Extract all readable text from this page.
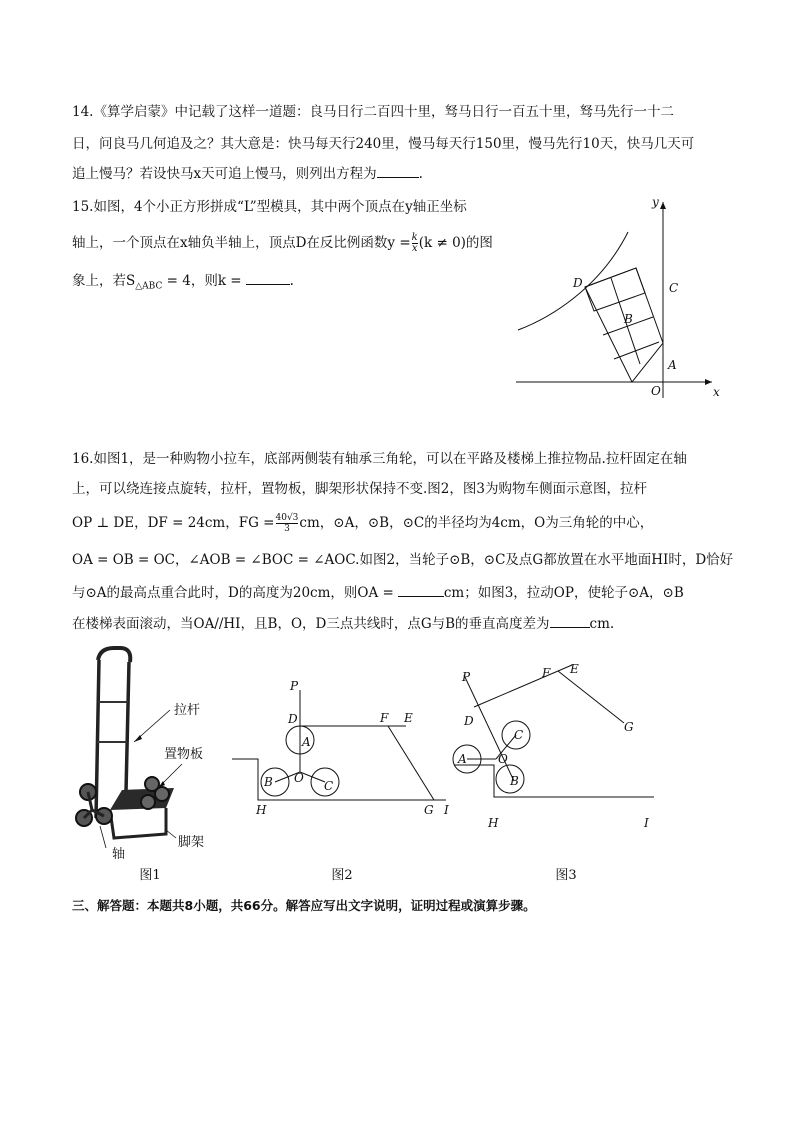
14.《算学启蒙》中记载了这样一道题：良马日行二百四十里，驽马日行一百五十里，驽马先行一十二
日，问良马几何追及之？其大意是：快马每天行240里，慢马每天行150里，慢马先行10天，快马几天可
追上慢马？若设快马x天可追上慢马，则列出方程为	.
15.如图，4个小正方形拼成“L”型模具，其中两个顶点在y轴正坐标
轴上，一个顶点在x轴负半轴上，顶点D在反比例函数$y = \frac{k}{x} (k \ne 0)$的图
象上，若$S_{\triangle ABC} = 4$，则k =	.
y
x
O
A
B
C
D
16.如图1，是一种购物小拉车，底部两侧装有轴承三角轮，可以在平路及楼梯上推拉物品.拉杆固定在轴
上，可以绕连接点旋转，拉杆，置物板，脚架形状保持不变.图2，图3为购物车侧面示意图，拉杆
OP ⊥ DE，DF = 24cm，FG = $\frac{40√3}{3}$ cm，⊙A，⊙B，⊙C的半径均为4cm，O为三角轮的中心，
OA = OB = OC，∠AOB = ∠BOC = ∠AOC.如图2，当轮子⊙B，⊙C及点G都放置在水平地面HI时，D恰好
与⊙A的最高点重合此时，D的高度为20cm，则OA =	cm；如图3，拉动OP，使轮子⊙A，⊙B
在楼梯表面滚动，当OA//HI，且B，O，D三点共线时，点G与B的垂直高度差为	cm.
拉杆
置物板
脚架
轴
P
D	F E
A
B	C
O
H	G I
P	F E
D
C
A	O
B
G
H	I
图1	图2	图3
三、解答题：本题共8小题，共66分。解答应写出文字说明，证明过程或演算步骤。
